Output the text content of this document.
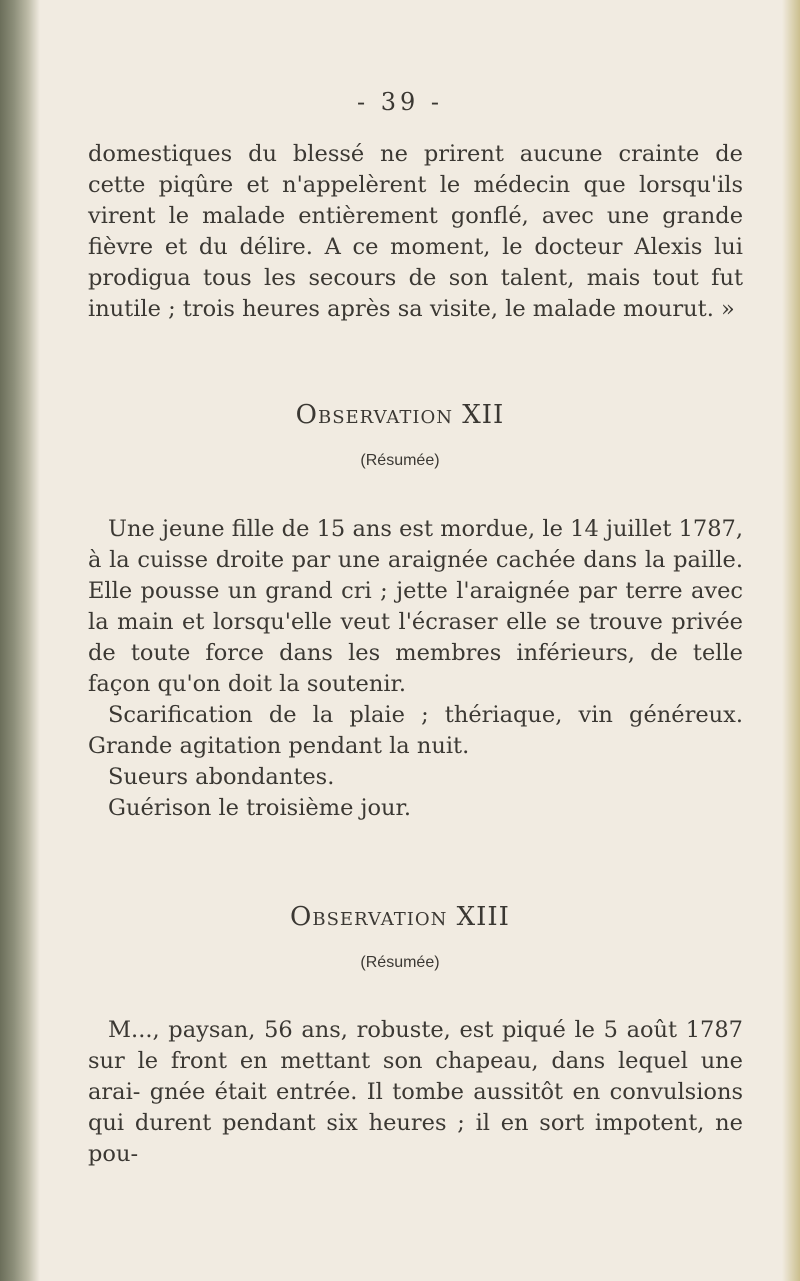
- 39 -

domestiques du blessé ne prirent aucune crainte de cette piqûre et n'appelèrent le médecin que lorsqu'ils virent le malade entièrement gonflé, avec une grande fièvre et du délire. A ce moment, le docteur Alexis lui prodigua tous les secours de son talent, mais tout fut inutile ; trois heures après sa visite, le malade mourut. »

Observation XII
(Résumée)

Une jeune fille de 15 ans est mordue, le 14 juillet 1787, à la cuisse droite par une araignée cachée dans la paille. Elle pousse un grand cri ; jette l'araignée par terre avec la main et lorsqu'elle veut l'écraser elle se trouve privée de toute force dans les membres inférieurs, de telle façon qu'on doit la soutenir.

Scarification de la plaie ; thériaque, vin généreux. Grande agitation pendant la nuit.

Sueurs abondantes.

Guérison le troisième jour.

Observation XIII
(Résumée)

M..., paysan, 56 ans, robuste, est piqué le 5 août 1787 sur le front en mettant son chapeau, dans lequel une arai- gnée était entrée. Il tombe aussitôt en convulsions qui durent pendant six heures ; il en sort impotent, ne pou-
